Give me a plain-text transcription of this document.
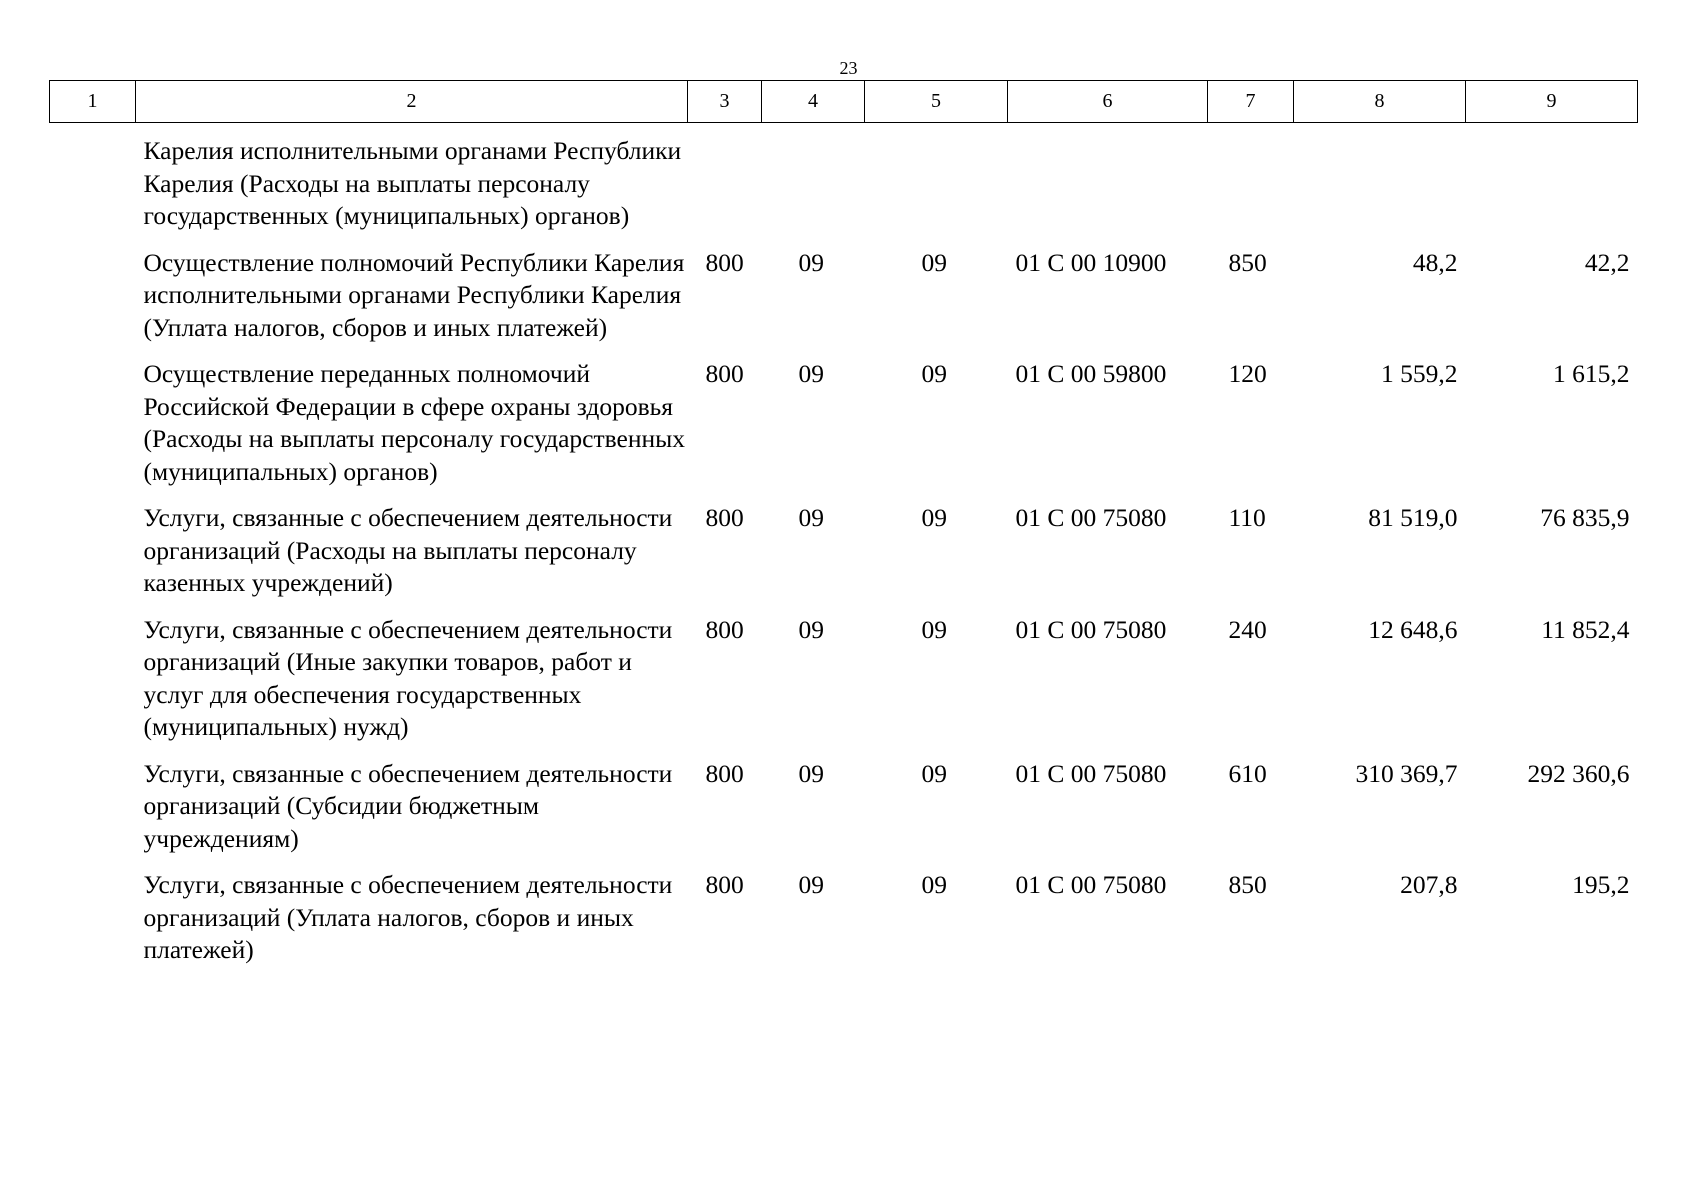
23
1	2	3	4	5	6	7	8	9
	Карелия исполнительными органами Республики Карелия (Расходы на выплаты персоналу государственных (муниципальных) органов)							
	Осуществление полномочий Республики Карелия исполнительными органами Республики Карелия (Уплата налогов, сборов и иных платежей)	800	09	09	01 С 00 10900	850	48,2	42,2
	Осуществление переданных полномочий Российской Федерации в сфере охраны здоровья (Расходы на выплаты персоналу государственных (муниципальных) органов)	800	09	09	01 С 00 59800	120	1 559,2	1 615,2
	Услуги, связанные с обеспечением деятельности организаций (Расходы на выплаты персоналу казенных учреждений)	800	09	09	01 С 00 75080	110	81 519,0	76 835,9
	Услуги, связанные с обеспечением деятельности организаций (Иные закупки товаров, работ и услуг для обеспечения государственных (муниципальных) нужд)	800	09	09	01 С 00 75080	240	12 648,6	11 852,4
	Услуги, связанные с обеспечением деятельности организаций (Субсидии бюджетным учреждениям)	800	09	09	01 С 00 75080	610	310 369,7	292 360,6
	Услуги, связанные с обеспечением деятельности организаций (Уплата налогов, сборов и иных платежей)	800	09	09	01 С 00 75080	850	207,8	195,2
